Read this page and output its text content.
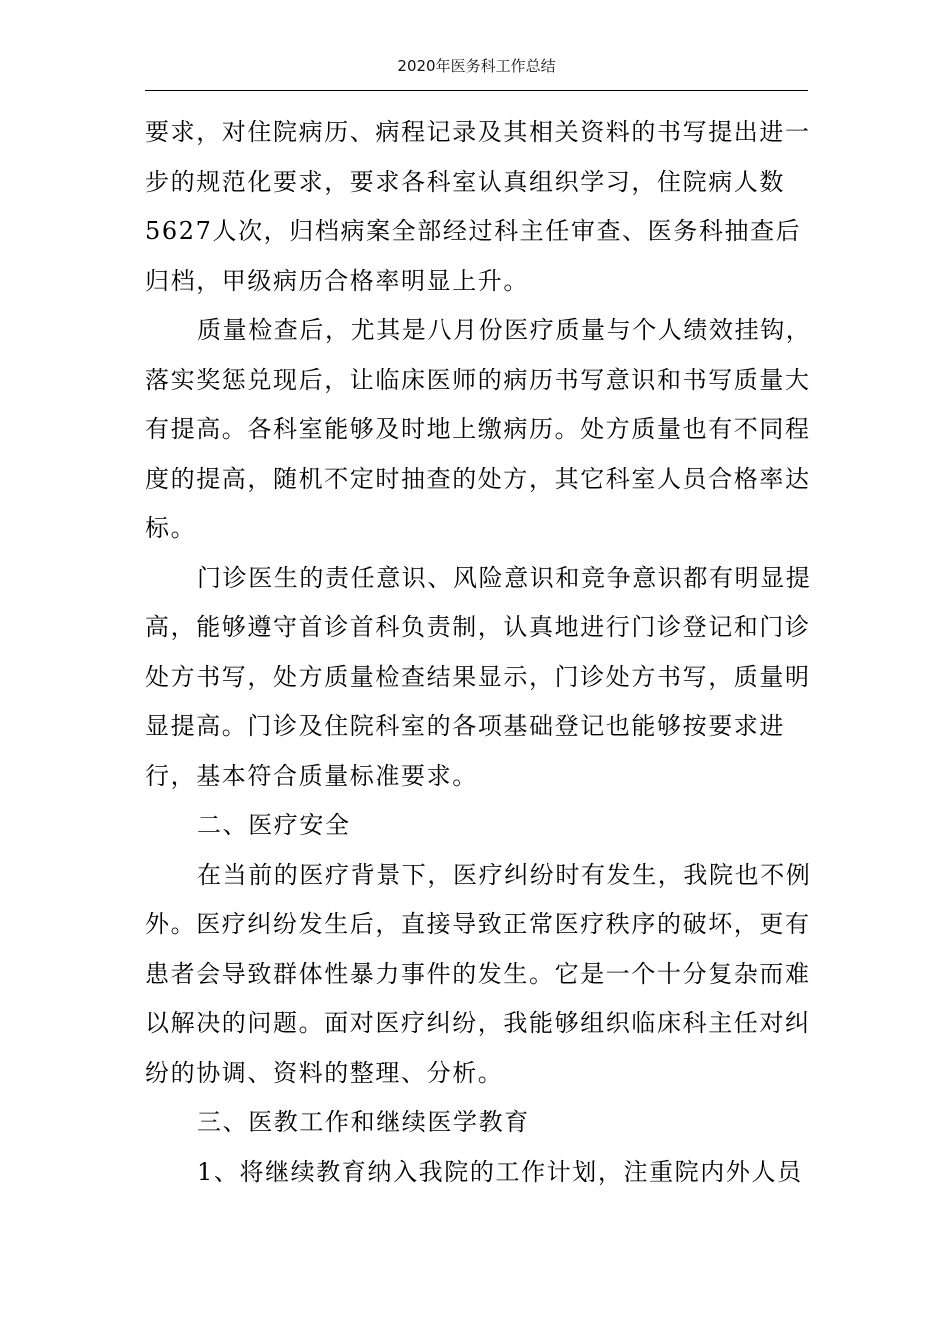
2020年医务科工作总结

要求，对住院病历、病程记录及其相关资料的书写提出进一步的规范化要求，要求各科室认真组织学习，住院病人数5627人次，归档病案全部经过科主任审查、医务科抽查后归档，甲级病历合格率明显上升。

质量检查后，尤其是八月份医疗质量与个人绩效挂钩，落实奖惩兑现后，让临床医师的病历书写意识和书写质量大有提高。各科室能够及时地上缴病历。处方质量也有不同程度的提高，随机不定时抽查的处方，其它科室人员合格率达标。

门诊医生的责任意识、风险意识和竞争意识都有明显提高，能够遵守首诊首科负责制，认真地进行门诊登记和门诊处方书写，处方质量检查结果显示，门诊处方书写，质量明显提高。门诊及住院科室的各项基础登记也能够按要求进行，基本符合质量标准要求。

二、医疗安全

在当前的医疗背景下，医疗纠纷时有发生，我院也不例外。医疗纠纷发生后，直接导致正常医疗秩序的破坏，更有患者会导致群体性暴力事件的发生。它是一个十分复杂而难以解决的问题。面对医疗纠纷，我能够组织临床科主任对纠纷的协调、资料的整理、分析。

三、医教工作和继续医学教育

1、将继续教育纳入我院的工作计划，注重院内外人员
